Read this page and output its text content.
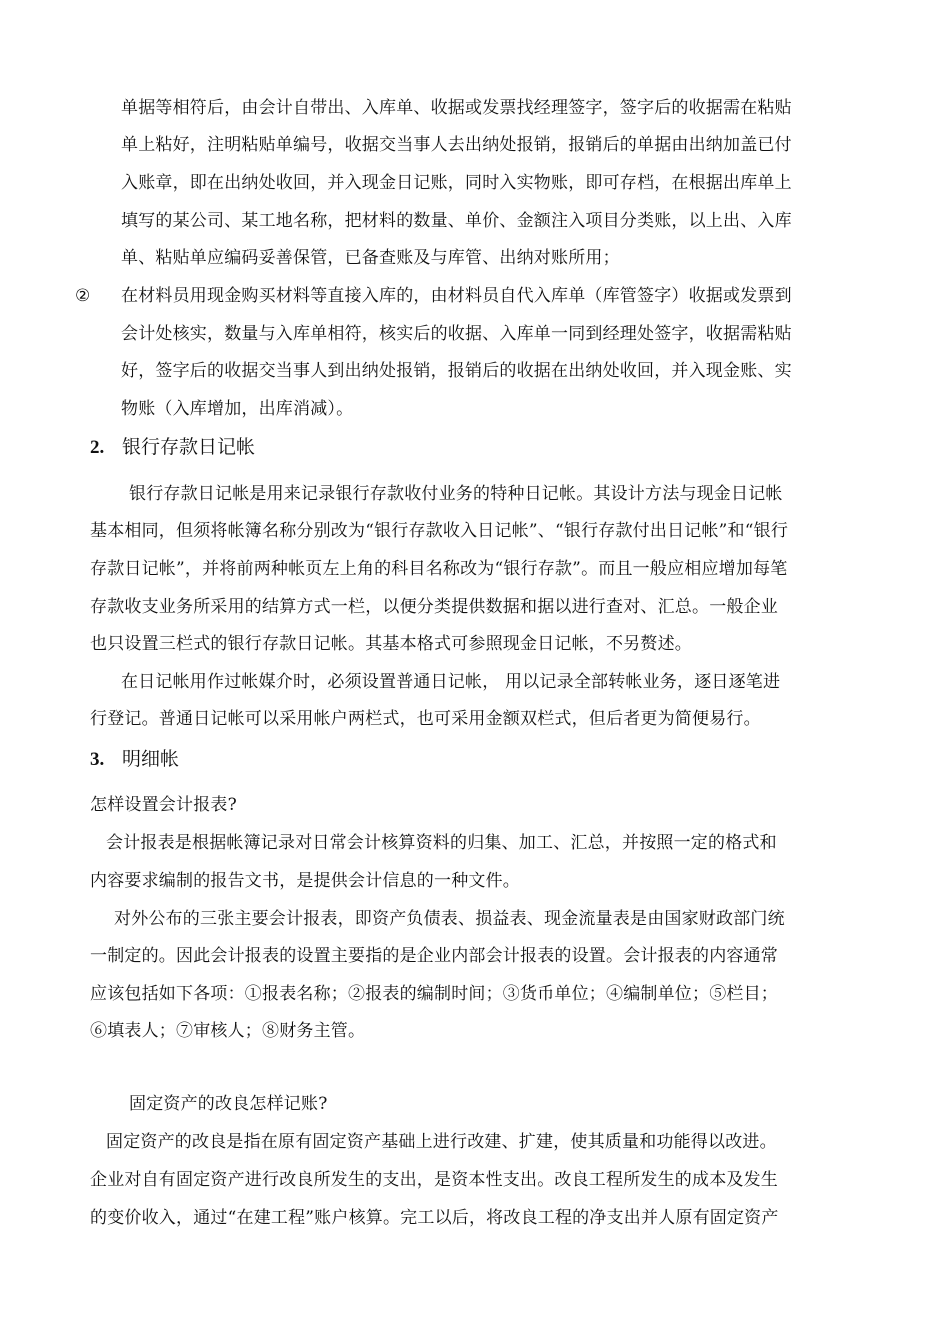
单据等相符后，由会计自带出、入库单、收据或发票找经理签字，签字后的收据需在粘贴
单上粘好，注明粘贴单编号，收据交当事人去出纳处报销，报销后的单据由出纳加盖已付
入账章，即在出纳处收回，并入现金日记账，同时入实物账，即可存档，在根据出库单上
填写的某公司、某工地名称，把材料的数量、单价、金额注入项目分类账，以上出、入库
单、粘贴单应编码妥善保管，已备查账及与库管、出纳对账所用；
② 在材料员用现金购买材料等直接入库的，由材料员自代入库单（库管签字）收据或发票到
会计处核实，数量与入库单相符，核实后的收据、入库单一同到经理处签字，收据需粘贴
好，签字后的收据交当事人到出纳处报销，报销后的收据在出纳处收回，并入现金账、实
物账（入库增加，出库消减）。
2. 银行存款日记帐
银行存款日记帐是用来记录银行存款收付业务的特种日记帐。其设计方法与现金日记帐
基本相同，但须将帐簿名称分别改为“银行存款收入日记帐”、“银行存款付出日记帐”和“银行
存款日记帐”，并将前两种帐页左上角的科目名称改为“银行存款”。而且一般应相应增加每笔
存款收支业务所采用的结算方式一栏，以便分类提供数据和据以进行查对、汇总。一般企业
也只设置三栏式的银行存款日记帐。其基本格式可参照现金日记帐，不另赘述。
在日记帐用作过帐媒介时，必须设置普通日记帐， 用以记录全部转帐业务，逐日逐笔进
行登记。普通日记帐可以采用帐户两栏式，也可采用金额双栏式，但后者更为简便易行。
3. 明细帐
怎样设置会计报表?
会计报表是根据帐簿记录对日常会计核算资料的归集、加工、汇总，并按照一定的格式和
内容要求编制的报告文书，是提供会计信息的一种文件。
对外公布的三张主要会计报表，即资产负债表、损益表、现金流量表是由国家财政部门统
一制定的。因此会计报表的设置主要指的是企业内部会计报表的设置。会计报表的内容通常
应该包括如下各项：①报表名称；②报表的编制时间；③货币单位；④编制单位；⑤栏目；
⑥填表人；⑦审核人；⑧财务主管。
固定资产的改良怎样记账?
固定资产的改良是指在原有固定资产基础上进行改建、扩建，使其质量和功能得以改进。
企业对自有固定资产进行改良所发生的支出，是资本性支出。改良工程所发生的成本及发生
的变价收入，通过“在建工程”账户核算。完工以后，将改良工程的净支出并人原有固定资产
